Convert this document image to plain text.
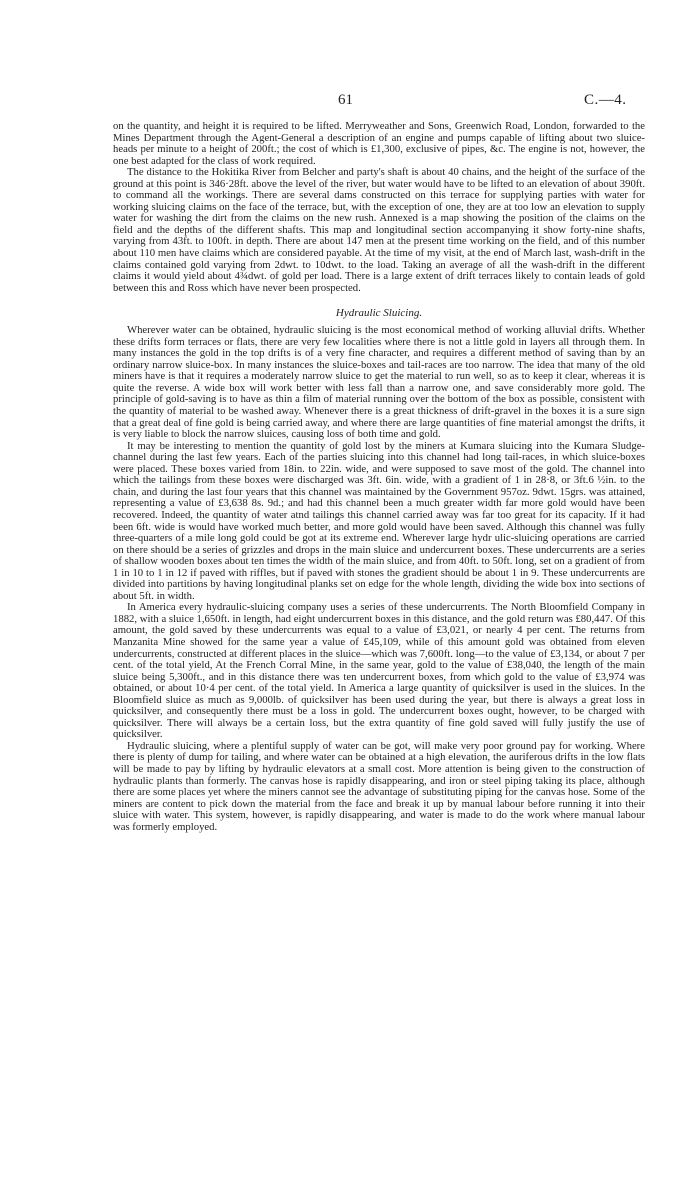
61	C.—4.

on the quantity, and height it is required to be lifted. Merryweather and Sons, Greenwich Road, London, forwarded to the Mines Department through the Agent-General a description of an engine and pumps capable of lifting about two sluice-heads per minute to a height of 200ft.; the cost of which is £1,300, exclusive of pipes, &c. The engine is not, however, the one best adapted for the class of work required.

The distance to the Hokitika River from Belcher and party's shaft is about 40 chains, and the height of the surface of the ground at this point is 346·28ft. above the level of the river, but water would have to be lifted to an elevation of about 390ft. to command all the workings. There are several dams constructed on this terrace for supplying parties with water for working sluicing claims on the face of the terrace, but, with the exception of one, they are at too low an elevation to supply water for washing the dirt from the claims on the new rush. Annexed is a map showing the position of the claims on the field and the depths of the different shafts. This map and longitudinal section accompanying it show forty-nine shafts, varying from 43ft. to 100ft. in depth. There are about 147 men at the present time working on the field, and of this number about 110 men have claims which are considered payable. At the time of my visit, at the end of March last, wash-drift in the claims contained gold varying from 2dwt. to 10dwt. to the load. Taking an average of all the wash-drift in the different claims it would yield about 4¾dwt. of gold per load. There is a large extent of drift terraces likely to contain leads of gold between this and Ross which have never been prospected.

Hydraulic Sluicing.

Wherever water can be obtained, hydraulic sluicing is the most economical method of working alluvial drifts. Whether these drifts form terraces or flats, there are very few localities where there is not a little gold in layers all through them. In many instances the gold in the top drifts is of a very fine character, and requires a different method of saving than by an ordinary narrow sluice-box. In many instances the sluice-boxes and tail-races are too narrow. The idea that many of the old miners have is that it requires a moderately narrow sluice to get the material to run well, so as to keep it clear, whereas it is quite the reverse. A wide box will work better with less fall than a narrow one, and save considerably more gold. The principle of gold-saving is to have as thin a film of material running over the bottom of the box as possible, consistent with the quantity of material to be washed away. Whenever there is a great thickness of drift-gravel in the boxes it is a sure sign that a great deal of fine gold is being carried away, and where there are large quantities of fine material amongst the drifts, it is very liable to block the narrow sluices, causing loss of both time and gold.

It may be interesting to mention the quantity of gold lost by the miners at Kumara sluicing into the Kumara Sludge-channel during the last few years. Each of the parties sluicing into this channel had long tail-races, in which sluice-boxes were placed. These boxes varied from 18in. to 22in. wide, and were supposed to save most of the gold. The channel into which the tailings from these boxes were discharged was 3ft. 6in. wide, with a gradient of 1 in 28·8, or 3ft.6 ½in. to the chain, and during the last four years that this channel was maintained by the Government 957oz. 9dwt. 15grs. was attained, representing a value of £3,638 8s. 9d.; and had this channel been a much greater width far more gold would have been recovered. Indeed, the quantity of water atnd tailings this channel carried away was far too great for its capacity. If it had been 6ft. wide is would have worked much better, and more gold would have been saved. Although this channel was fully three-quarters of a mile long gold could be got at its extreme end. Wherever large hydr ulic-sluicing operations are carried on there should be a series of grizzles and drops in the main sluice and undercurrent boxes. These undercurrents are a series of shallow wooden boxes about ten times the width of the main sluice, and from 40ft. to 50ft. long, set on a gradient of from 1 in 10 to 1 in 12 if paved with riffles, but if paved with stones the gradient should be about 1 in 9. These undercurrents are divided into partitions by having longitudinal planks set on edge for the whole length, dividing the wide box into sections of about 5ft. in width.

In America every hydraulic-sluicing company uses a series of these undercurrents. The North Bloomfield Company in 1882, with a sluice 1,650ft. in length, had eight undercurrent boxes in this distance, and the gold return was £80,447. Of this amount, the gold saved by these undercurrents was equal to a value of £3,021, or nearly 4 per cent. The returns from Manzanita Mine showed for the same year a value of £45,109, while of this amount gold was obtained from eleven undercurrents, constructed at different places in the sluice—which was 7,600ft. long—to the value of £3,134, or about 7 per cent. of the total yield, At the French Corral Mine, in the same year, gold to the value of £38,040, the length of the main sluice being 5,300ft., and in this distance there was ten undercurrent boxes, from which gold to the value of £3,974 was obtained, or about 10·4 per cent. of the total yield. In America a large quantity of quicksilver is used in the sluices. In the Bloomfield sluice as much as 9,000lb. of quicksilver has been used during the year, but there is always a great loss in quicksilver, and consequently there must be a loss in gold. The undercurrent boxes ought, however, to be charged with quicksilver. There will always be a certain loss, but the extra quantity of fine gold saved will fully justify the use of quicksilver.

Hydraulic sluicing, where a plentiful supply of water can be got, will make very poor ground pay for working. Where there is plenty of dump for tailing, and where water can be obtained at a high elevation, the auriferous drifts in the low flats will be made to pay by lifting by hydraulic elevators at a small cost. More attention is being given to the construction of hydraulic plants than formerly. The canvas hose is rapidly disappearing, and iron or steel piping taking its place, although there are some places yet where the miners cannot see the advantage of substituting piping for the canvas hose. Some of the miners are content to pick down the material from the face and break it up by manual labour before running it into their sluice with water. This system, however, is rapidly disappearing, and water is made to do the work where manual labour was formerly employed.
